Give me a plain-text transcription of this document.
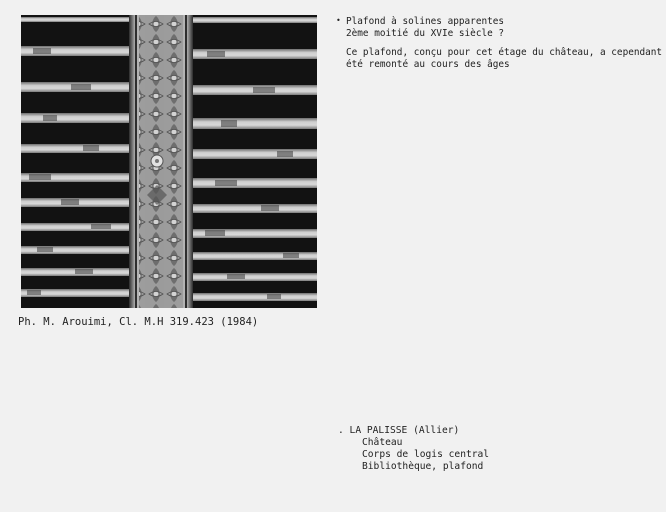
Ph. M. Arouimi, Cl. M.H 319.423 (1984)
• Plafond à solines apparentes
2ème moitié du XVIe siècle ?
Ce plafond, conçu pour cet étage du château, a cependant
été remonté au cours des âges
. LA PALISSE (Allier)
Château
Corps de logis central
Bibliothèque, plafond
